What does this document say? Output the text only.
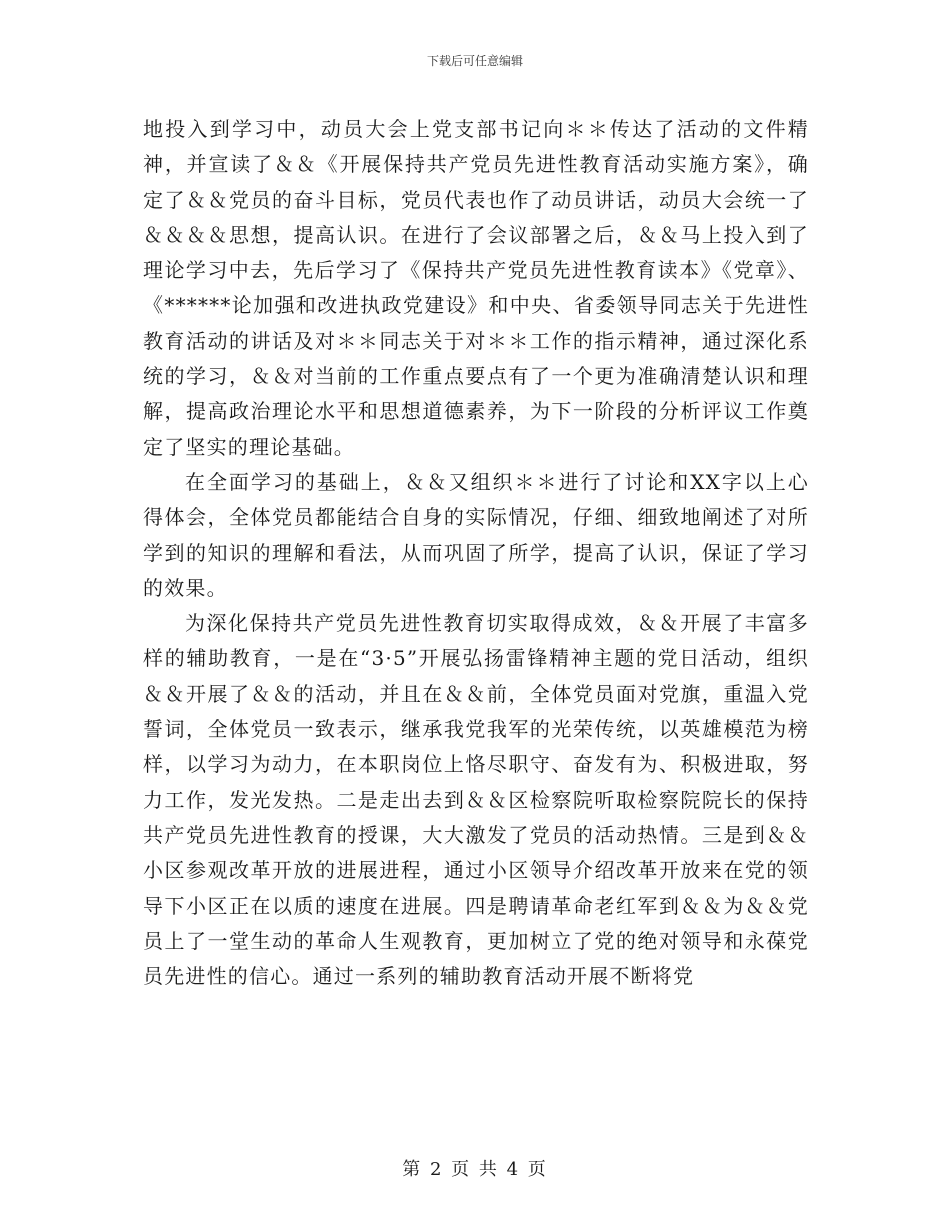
下载后可任意编辑

地投入到学习中，动员大会上党支部书记向＊＊传达了活动的文件精神，并宣读了＆＆《开展保持共产党员先进性教育活动实施方案》，确定了＆＆党员的奋斗目标，党员代表也作了动员讲话，动员大会统一了＆＆＆＆思想，提高认识。在进行了会议部署之后，＆＆马上投入到了理论学习中去，先后学习了《保持共产党员先进性教育读本》《党章》、《******论加强和改进执政党建设》和中央、省委领导同志关于先进性教育活动的讲话及对＊＊同志关于对＊＊工作的指示精神，通过深化系统的学习，＆＆对当前的工作重点要点有了一个更为准确清楚认识和理解，提高政治理论水平和思想道德素养，为下一阶段的分析评议工作奠定了坚实的理论基础。

在全面学习的基础上，＆＆又组织＊＊进行了讨论和XX字以上心得体会，全体党员都能结合自身的实际情况，仔细、细致地阐述了对所学到的知识的理解和看法，从而巩固了所学，提高了认识，保证了学习的效果。

为深化保持共产党员先进性教育切实取得成效，＆＆开展了丰富多样的辅助教育，一是在“3·5”开展弘扬雷锋精神主题的党日活动，组织＆＆开展了＆＆的活动，并且在＆＆前，全体党员面对党旗，重温入党誓词，全体党员一致表示，继承我党我军的光荣传统，以英雄模范为榜样，以学习为动力，在本职岗位上恪尽职守、奋发有为、积极进取，努力工作，发光发热。二是走出去到＆＆区检察院听取检察院院长的保持共产党员先进性教育的授课，大大激发了党员的活动热情。三是到＆＆小区参观改革开放的进展进程，通过小区领导介绍改革开放来在党的领导下小区正在以质的速度在进展。四是聘请革命老红军到＆＆为＆＆党员上了一堂生动的革命人生观教育，更加树立了党的绝对领导和永葆党员先进性的信心。通过一系列的辅助教育活动开展不断将党

第 2 页 共 4 页
